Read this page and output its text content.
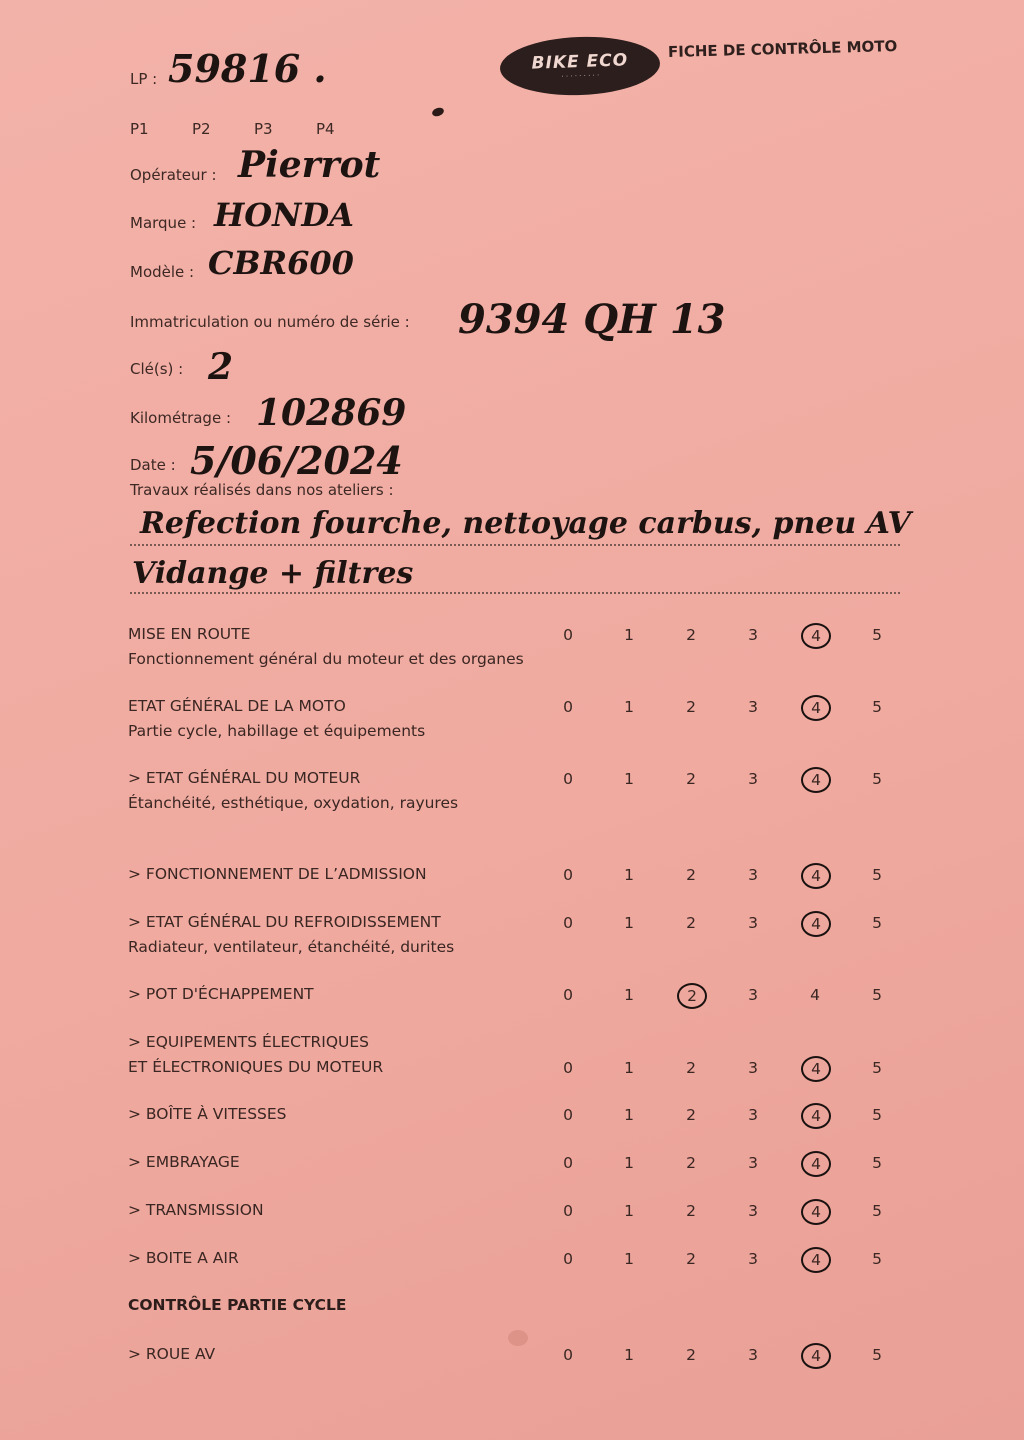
BIKE ECO
· · · · · · · · ·
FICHE DE CONTRÔLE MOTO
LP : 59816 .
P1	P2	P3	P4
Opérateur : Pierrot
Marque : HONDA
Modèle : CBR600
Immatriculation ou numéro de série : 9394 QH 13
Clé(s) : 2
Kilométrage : 102869
Date : 5/06/2024
Travaux réalisés dans nos ateliers :
Refection fourche, nettoyage carbus, pneu AV
Vidange + filtres
MISE EN ROUTE
Fonctionnement général du moteur et des organes
0	1	2	3	4	5
ETAT GÉNÉRAL DE LA MOTO
Partie cycle, habillage et équipements
0	1	2	3	4	5
> ETAT GÉNÉRAL DU MOTEUR
Étanchéité, esthétique, oxydation, rayures
0	1	2	3	4	5
> FONCTIONNEMENT DE L’ADMISSION	0	1	2	3	4	5
> ETAT GÉNÉRAL DU REFROIDISSEMENT
Radiateur, ventilateur, étanchéité, durites
0	1	2	3	4	5
> POT D'ÉCHAPPEMENT	0	1	2	3	4	5
> EQUIPEMENTS ÉLECTRIQUES
ET ÉLECTRONIQUES DU MOTEUR	0	1	2	3	4	5
> BOÎTE À VITESSES	0	1	2	3	4	5
> EMBRAYAGE	0	1	2	3	4	5
> TRANSMISSION	0	1	2	3	4	5
> BOITE A AIR	0	1	2	3	4	5
CONTRÔLE PARTIE CYCLE
> ROUE AV	0	1	2	3	4	5
